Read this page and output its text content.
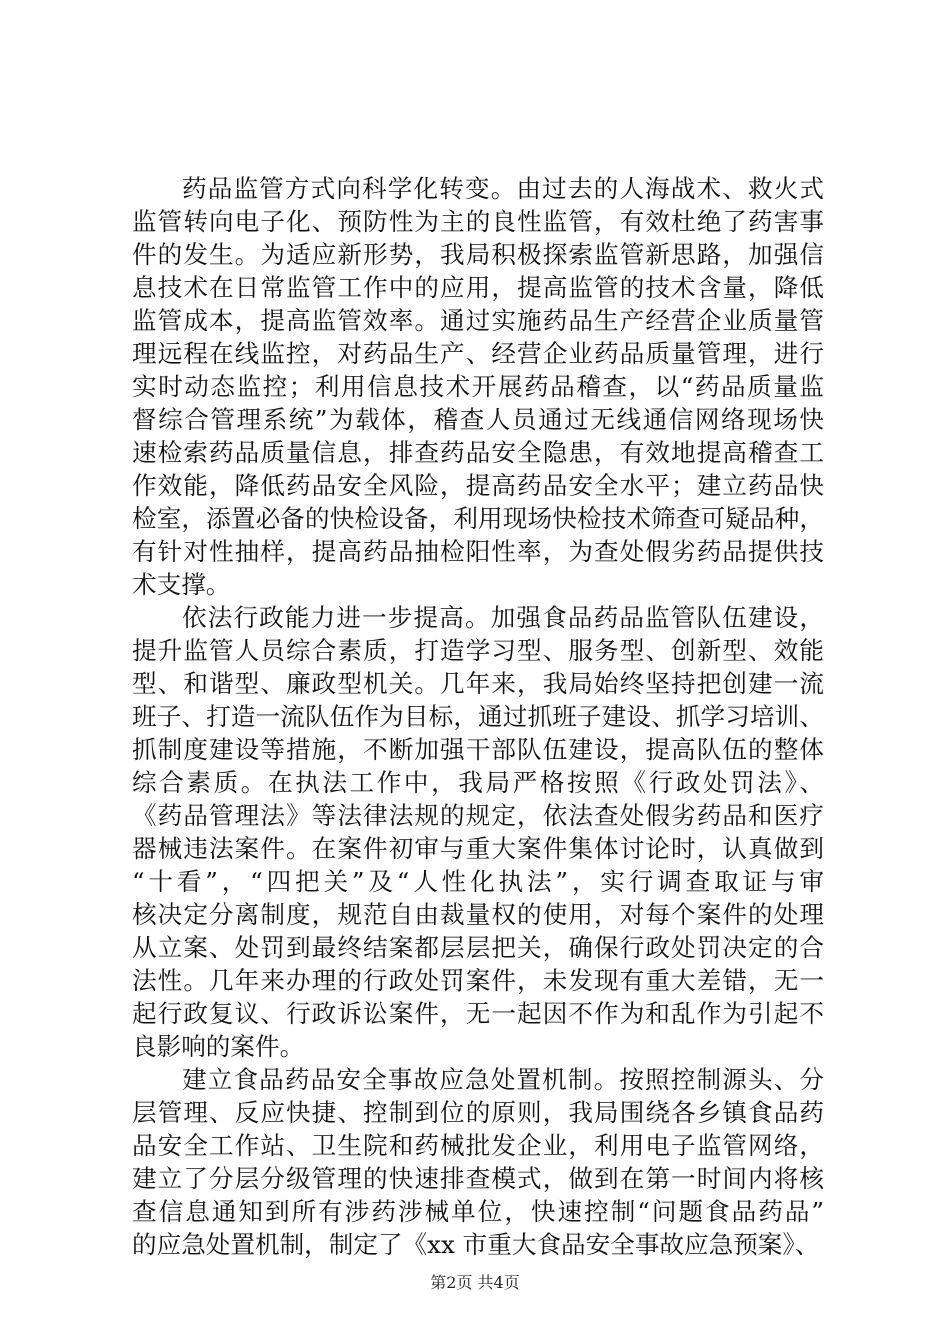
药品监管方式向科学化转变。由过去的人海战术、救火式
监管转向电子化、预防性为主的良性监管，有效杜绝了药害事
件的发生。为适应新形势，我局积极探索监管新思路，加强信
息技术在日常监管工作中的应用，提高监管的技术含量，降低
监管成本，提高监管效率。通过实施药品生产经营企业质量管
理远程在线监控，对药品生产、经营企业药品质量管理，进行
实时动态监控；利用信息技术开展药品稽查，以“药品质量监
督综合管理系统”为载体，稽查人员通过无线通信网络现场快
速检索药品质量信息，排查药品安全隐患，有效地提高稽查工
作效能，降低药品安全风险，提高药品安全水平；建立药品快
检室，添置必备的快检设备，利用现场快检技术筛查可疑品种，
有针对性抽样，提高药品抽检阳性率，为查处假劣药品提供技
术支撑。
依法行政能力进一步提高。加强食品药品监管队伍建设，
提升监管人员综合素质，打造学习型、服务型、创新型、效能
型、和谐型、廉政型机关。几年来，我局始终坚持把创建一流
班子、打造一流队伍作为目标，通过抓班子建设、抓学习培训、
抓制度建设等措施，不断加强干部队伍建设，提高队伍的整体
综合素质。在执法工作中，我局严格按照《行政处罚法》、
《药品管理法》等法律法规的规定，依法查处假劣药品和医疗
器械违法案件。在案件初审与重大案件集体讨论时，认真做到
“十看”，“四把关”及“人性化执法”，实行调查取证与审
核决定分离制度，规范自由裁量权的使用，对每个案件的处理
从立案、处罚到最终结案都层层把关，确保行政处罚决定的合
法性。几年来办理的行政处罚案件，未发现有重大差错，无一
起行政复议、行政诉讼案件，无一起因不作为和乱作为引起不
良影响的案件。
建立食品药品安全事故应急处置机制。按照控制源头、分
层管理、反应快捷、控制到位的原则，我局围绕各乡镇食品药
品安全工作站、卫生院和药械批发企业，利用电子监管网络，
建立了分层分级管理的快速排查模式，做到在第一时间内将核
查信息通知到所有涉药涉械单位，快速控制“问题食品药品”
的应急处置机制，制定了《xx 市重大食品安全事故应急预案》、
第2页 共4页
